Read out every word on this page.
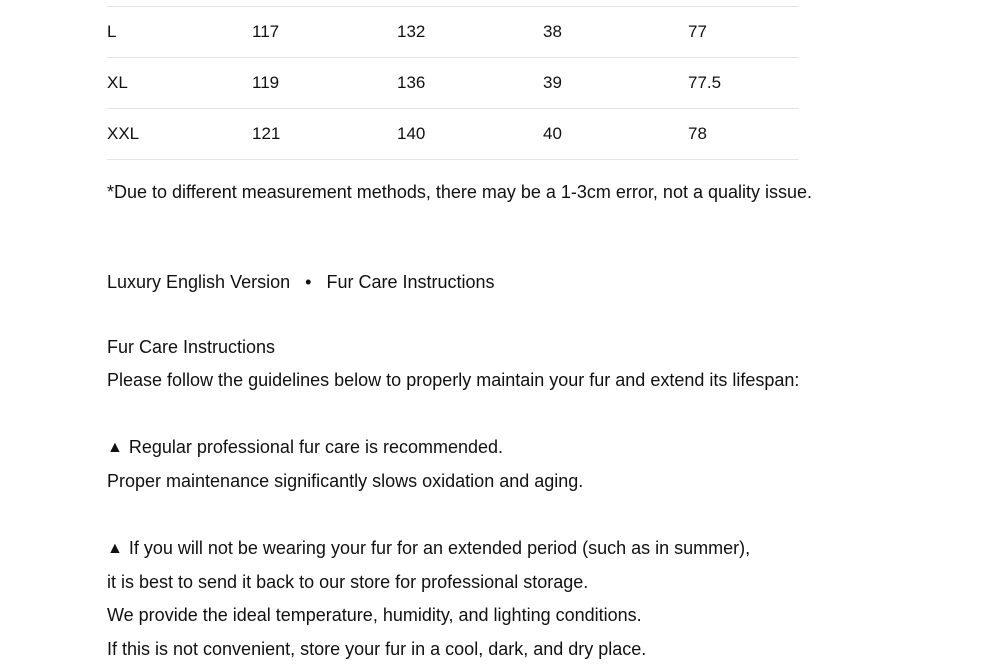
L	117	132	38	77
XL	119	136	39	77.5
XXL	121	140	40	78
*Due to different measurement methods, there may be a 1-3cm error, not a quality issue.
Luxury English Version • Fur Care Instructions
Fur Care Instructions
Please follow the guidelines below to properly maintain your fur and extend its lifespan:
▲ Regular professional fur care is recommended.
Proper maintenance significantly slows oxidation and aging.
▲ If you will not be wearing your fur for an extended period (such as in summer),
it is best to send it back to our store for professional storage.
We provide the ideal temperature, humidity, and lighting conditions.
If this is not convenient, store your fur in a cool, dark, and dry place.
